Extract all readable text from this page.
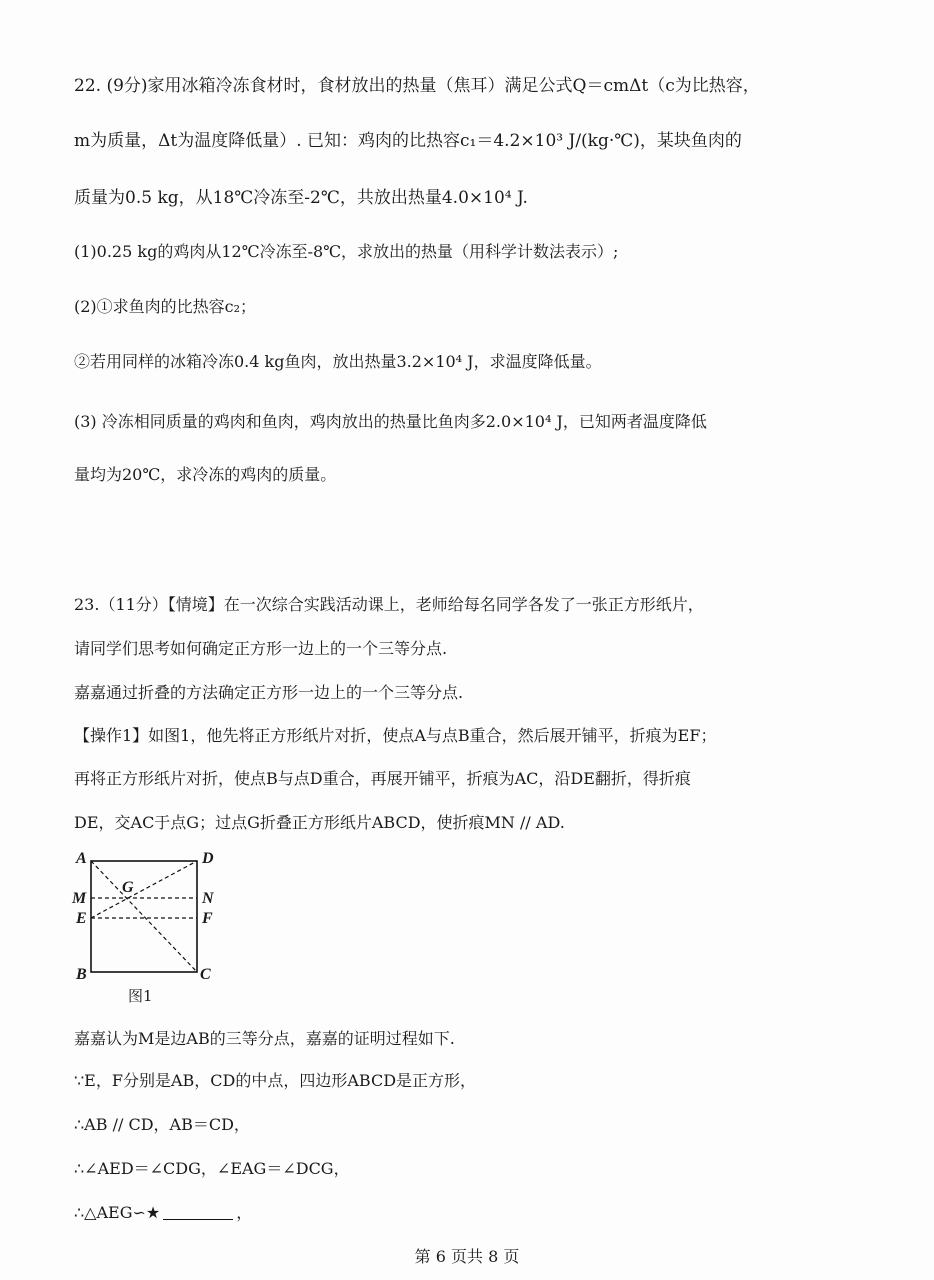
22. (9分)家用冰箱冷冻食材时，食材放出的热量（焦耳）满足公式Q＝cmΔt（c为比热容，
m为质量，Δt为温度降低量）. 已知：鸡肉的比热容c₁＝4.2×10³ J/(kg·℃)，某块鱼肉的
质量为0.5 kg，从18℃冷冻至-2℃，共放出热量4.0×10⁴ J.
(1)0.25 kg的鸡肉从12℃冷冻至-8℃，求放出的热量（用科学计数法表示）;
(2)①求鱼肉的比热容c₂；
②若用同样的冰箱冷冻0.4 kg鱼肉，放出热量3.2×10⁴ J，求温度降低量。
(3) 冷冻相同质量的鸡肉和鱼肉，鸡肉放出的热量比鱼肉多2.0×10⁴ J，已知两者温度降低
量均为20℃，求冷冻的鸡肉的质量。
23.（11分）【情境】在一次综合实践活动课上，老师给每名同学各发了一张正方形纸片，
请同学们思考如何确定正方形一边上的一个三等分点.
嘉嘉通过折叠的方法确定正方形一边上的一个三等分点.
【操作1】如图1，他先将正方形纸片对折，使点A与点B重合，然后展开铺平，折痕为EF；
再将正方形纸片对折，使点B与点D重合，再展开铺平，折痕为AC，沿DE翻折，得折痕
DE，交AC于点G；过点G折叠正方形纸片ABCD，使折痕MN // AD.
A	D
M
G
N
E	F
B	C
图1
嘉嘉认为M是边AB的三等分点，嘉嘉的证明过程如下.
∵E，F分别是AB，CD的中点，四边形ABCD是正方形，
∴AB // CD，AB＝CD，
∴∠AED＝∠CDG，∠EAG＝∠DCG，
∴△AEG∽★	，
第 6 页共 8 页
